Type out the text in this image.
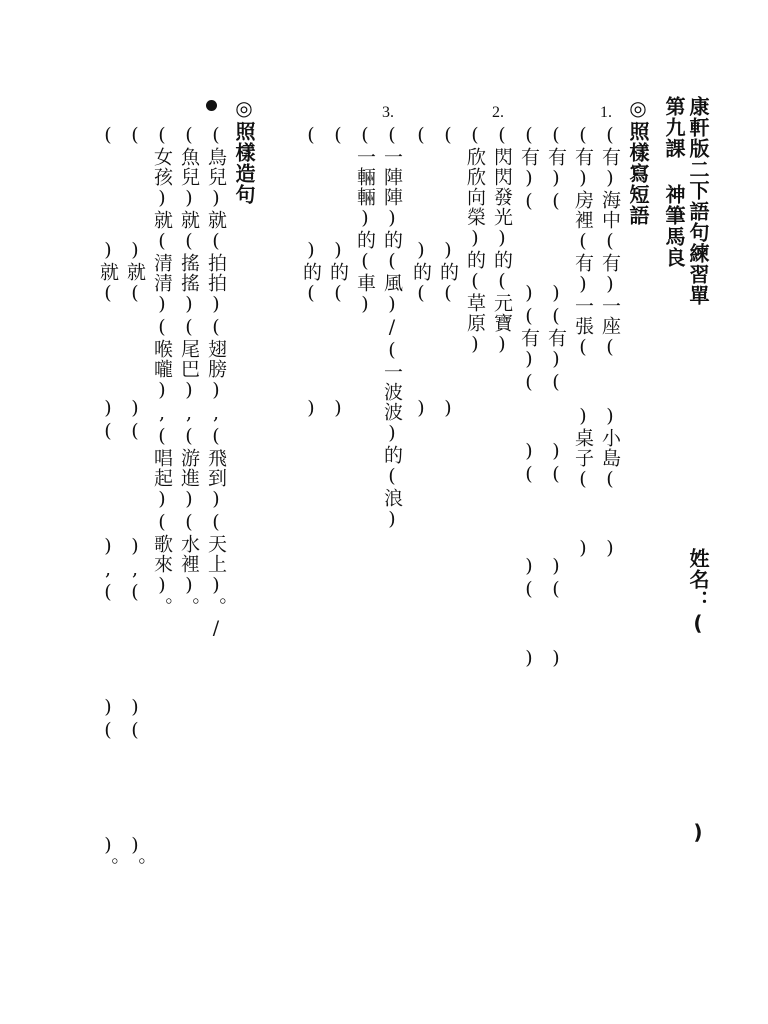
康軒版二下語句練習單
第九課 神筆馬良
姓名：(
)
◎照樣寫短語
1.
2.
3.
(有)海中(有)一座(  )小島(  )
(有)房裡(有)一張(  )桌子(  )
(有)(   )(有)(  )(   )(  )
(有)(   )(有)(  )(   )(  )
(閃閃發光)的(元寶)
(欣欣向榮)的(草原)
(    )的(    )
(    )的(    )
(一陣陣)的(風)/(一波波)的(浪)
(一輛輛)的(車)
(    )的(    )
(    )的(    )
◎照樣造句
(鳥兒)就(拍拍)(翅膀),(飛到)(天上)。/
(魚兒)就(搖搖)(尾巴),(游進)(水裡)。
(女孩)就(清清)(喉嚨),(唱起)(歌來)。
(    )就(    )(    ),(    )(    )。
(    )就(    )(    ),(    )(    )。
